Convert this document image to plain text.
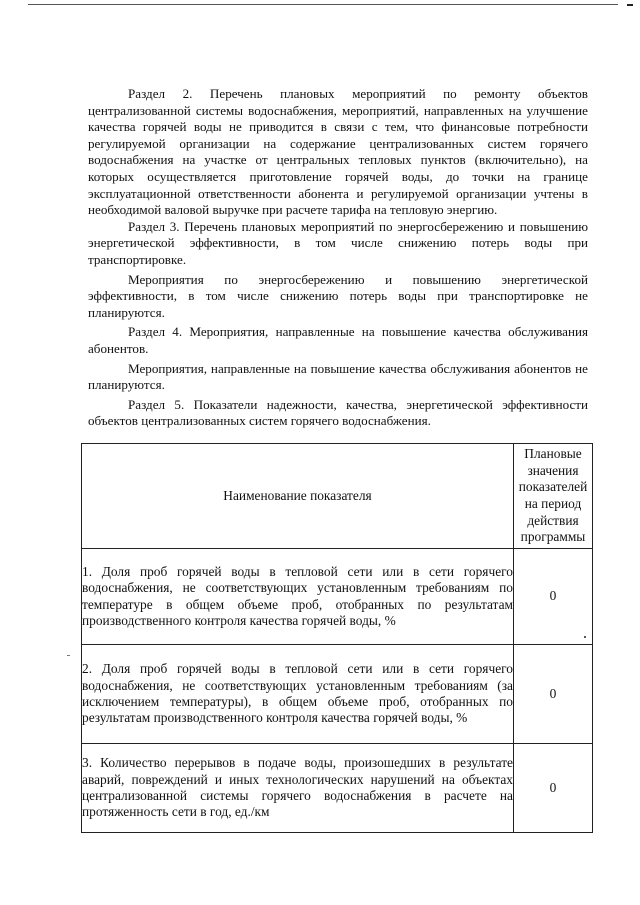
Раздел 2. Перечень плановых мероприятий по ремонту объектов централизованной системы водоснабжения, мероприятий, направленных на улучшение качества горячей воды не приводится в связи с тем, что финансовые потребности регулируемой организации на содержание централизованных систем горячего водоснабжения на участке от центральных тепловых пунктов (включительно), на которых осуществляется приготовление горячей воды, до точки на границе эксплуатационной ответственности абонента и регулируемой организации учтены в необходимой валовой выручке при расчете тарифа на тепловую энергию.

Раздел 3. Перечень плановых мероприятий по энергосбережению и повышению энергетической эффективности, в том числе снижению потерь воды при транспортировке.

Мероприятия по энергосбережению и повышению энергетической эффективности, в том числе снижению потерь воды при транспортировке не планируются.

Раздел 4. Мероприятия, направленные на повышение качества обслуживания абонентов.

Мероприятия, направленные на повышение качества обслуживания абонентов не планируются.

Раздел 5. Показатели надежности, качества, энергетической эффективности объектов централизованных систем горячего водоснабжения.

Наименование показателя	Плановые значения показателей на период действия программы
1. Доля проб горячей воды в тепловой сети или в сети горячего водоснабжения, не соответствующих установленным требованиям по температуре в общем объеме проб, отобранных по результатам производственного контроля качества горячей воды, %	0
2. Доля проб горячей воды в тепловой сети или в сети горячего водоснабжения, не соответствующих установленным требованиям (за исключением температуры), в общем объеме проб, отобранных по результатам производственного контроля качества горячей воды, %	0
3. Количество перерывов в подаче воды, произошедших в результате аварий, повреждений и иных технологических нарушений на объектах централизованной системы горячего водоснабжения в расчете на протяженность сети в год, ед./км	0
